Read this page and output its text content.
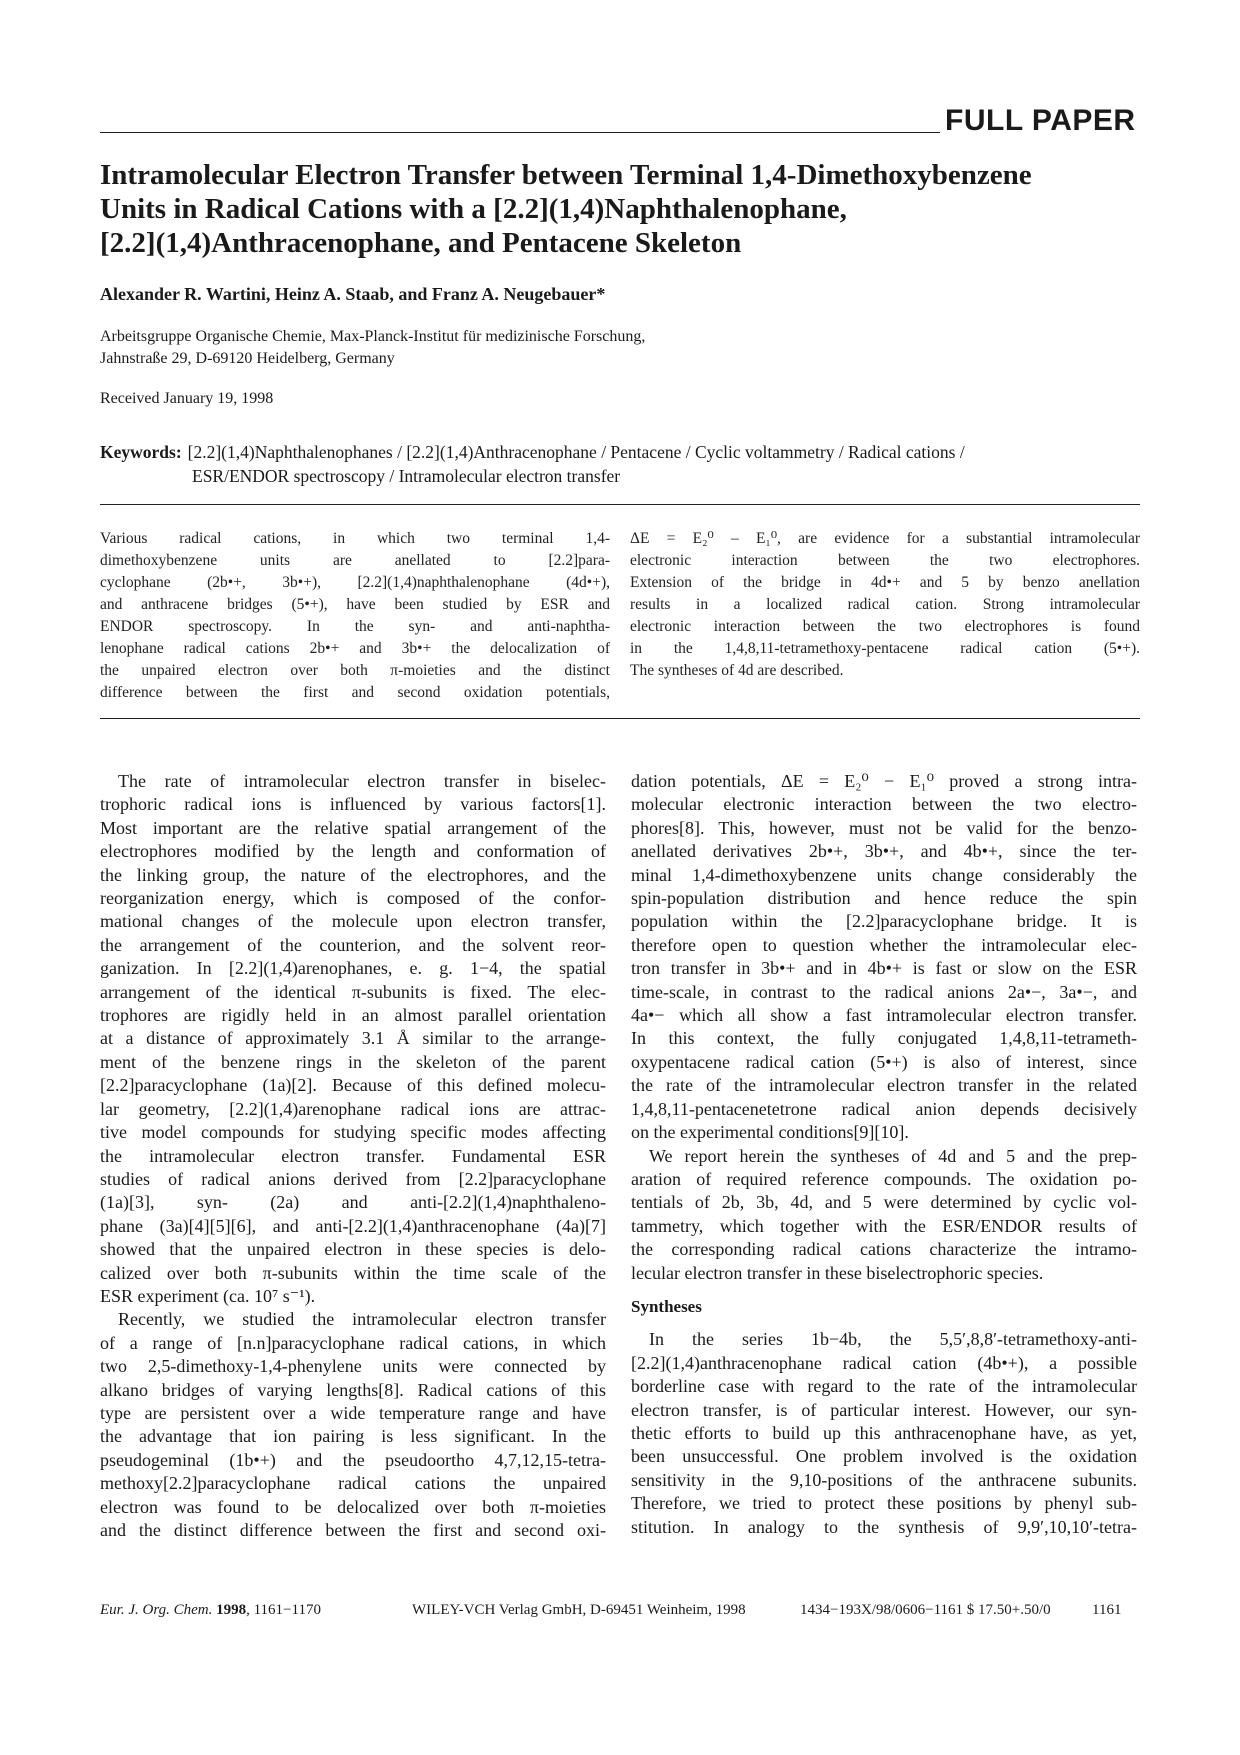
FULL PAPER
Intramolecular Electron Transfer between Terminal 1,4-Dimethoxybenzene
Units in Radical Cations with a [2.2](1,4)Naphthalenophane,
[2.2](1,4)Anthracenophane, and Pentacene Skeleton
Alexander R. Wartini, Heinz A. Staab, and Franz A. Neugebauer*
Arbeitsgruppe Organische Chemie, Max-Planck-Institut für medizinische Forschung,
Jahnstraße 29, D-69120 Heidelberg, Germany
Received January 19, 1998
Keywords: [2.2](1,4)Naphthalenophanes / [2.2](1,4)Anthracenophane / Pentacene / Cyclic voltammetry / Radical cations /
ESR/ENDOR spectroscopy / Intramolecular electron transfer
Various radical cations, in which two terminal 1,4-
dimethoxybenzene units are anellated to [2.2]para-
cyclophane (2b•+, 3b•+), [2.2](1,4)naphthalenophane (4d•+),
and anthracene bridges (5•+), have been studied by ESR and
ENDOR spectroscopy. In the syn- and anti-naphtha-
lenophane radical cations 2b•+ and 3b•+ the delocalization of
the unpaired electron over both π-moieties and the distinct
difference between the first and second oxidation potentials,
ΔE = E₂⁰ – E₁⁰, are evidence for a substantial intramolecular
electronic interaction between the two electrophores.
Extension of the bridge in 4d•+ and 5 by benzo anellation
results in a localized radical cation. Strong intramolecular
electronic interaction between the two electrophores is found
in the 1,4,8,11-tetramethoxy-pentacene radical cation (5•+).
The syntheses of 4d are described.
The rate of intramolecular electron transfer in biselec-
trophoric radical ions is influenced by various factors[1].
Most important are the relative spatial arrangement of the
electrophores modified by the length and conformation of
the linking group, the nature of the electrophores, and the
reorganization energy, which is composed of the confor-
mational changes of the molecule upon electron transfer,
the arrangement of the counterion, and the solvent reor-
ganization. In [2.2](1,4)arenophanes, e. g. 1−4, the spatial
arrangement of the identical π-subunits is fixed. The elec-
trophores are rigidly held in an almost parallel orientation
at a distance of approximately 3.1 Å similar to the arrange-
ment of the benzene rings in the skeleton of the parent
[2.2]paracyclophane (1a)[2]. Because of this defined molecu-
lar geometry, [2.2](1,4)arenophane radical ions are attrac-
tive model compounds for studying specific modes affecting
the intramolecular electron transfer. Fundamental ESR
studies of radical anions derived from [2.2]paracyclophane
(1a)[3], syn- (2a) and anti-[2.2](1,4)naphthaleno-
phane (3a)[4][5][6], and anti-[2.2](1,4)anthracenophane (4a)[7]
showed that the unpaired electron in these species is delo-
calized over both π-subunits within the time scale of the
ESR experiment (ca. 10⁷ s⁻¹).
Recently, we studied the intramolecular electron transfer
of a range of [n.n]paracyclophane radical cations, in which
two 2,5-dimethoxy-1,4-phenylene units were connected by
alkano bridges of varying lengths[8]. Radical cations of this
type are persistent over a wide temperature range and have
the advantage that ion pairing is less significant. In the
pseudogeminal (1b•+) and the pseudoortho 4,7,12,15-tetra-
methoxy[2.2]paracyclophane radical cations the unpaired
electron was found to be delocalized over both π-moieties
and the distinct difference between the first and second oxi-
dation potentials, ΔE = E₂⁰ − E₁⁰ proved a strong intra-
molecular electronic interaction between the two electro-
phores[8]. This, however, must not be valid for the benzo-
anellated derivatives 2b•+, 3b•+, and 4b•+, since the ter-
minal 1,4-dimethoxybenzene units change considerably the
spin-population distribution and hence reduce the spin
population within the [2.2]paracyclophane bridge. It is
therefore open to question whether the intramolecular elec-
tron transfer in 3b•+ and in 4b•+ is fast or slow on the ESR
time-scale, in contrast to the radical anions 2a•−, 3a•−, and
4a•− which all show a fast intramolecular electron transfer.
In this context, the fully conjugated 1,4,8,11-tetrameth-
oxypentacene radical cation (5•+) is also of interest, since
the rate of the intramolecular electron transfer in the related
1,4,8,11-pentacenetetrone radical anion depends decisively
on the experimental conditions[9][10].
We report herein the syntheses of 4d and 5 and the prep-
aration of required reference compounds. The oxidation po-
tentials of 2b, 3b, 4d, and 5 were determined by cyclic vol-
tammetry, which together with the ESR/ENDOR results of
the corresponding radical cations characterize the intramo-
lecular electron transfer in these biselectrophoric species.
Syntheses
In the series 1b−4b, the 5,5′,8,8′-tetramethoxy-anti-
[2.2](1,4)anthracenophane radical cation (4b•+), a possible
borderline case with regard to the rate of the intramolecular
electron transfer, is of particular interest. However, our syn-
thetic efforts to build up this anthracenophane have, as yet,
been unsuccessful. One problem involved is the oxidation
sensitivity in the 9,10-positions of the anthracene subunits.
Therefore, we tried to protect these positions by phenyl sub-
stitution. In analogy to the synthesis of 9,9′,10,10′-tetra-
Eur. J. Org. Chem. 1998, 1161−1170	WILEY-VCH Verlag GmbH, D-69451 Weinheim, 1998	1434−193X/98/0606−1161 $ 17.50+.50/0	1161
